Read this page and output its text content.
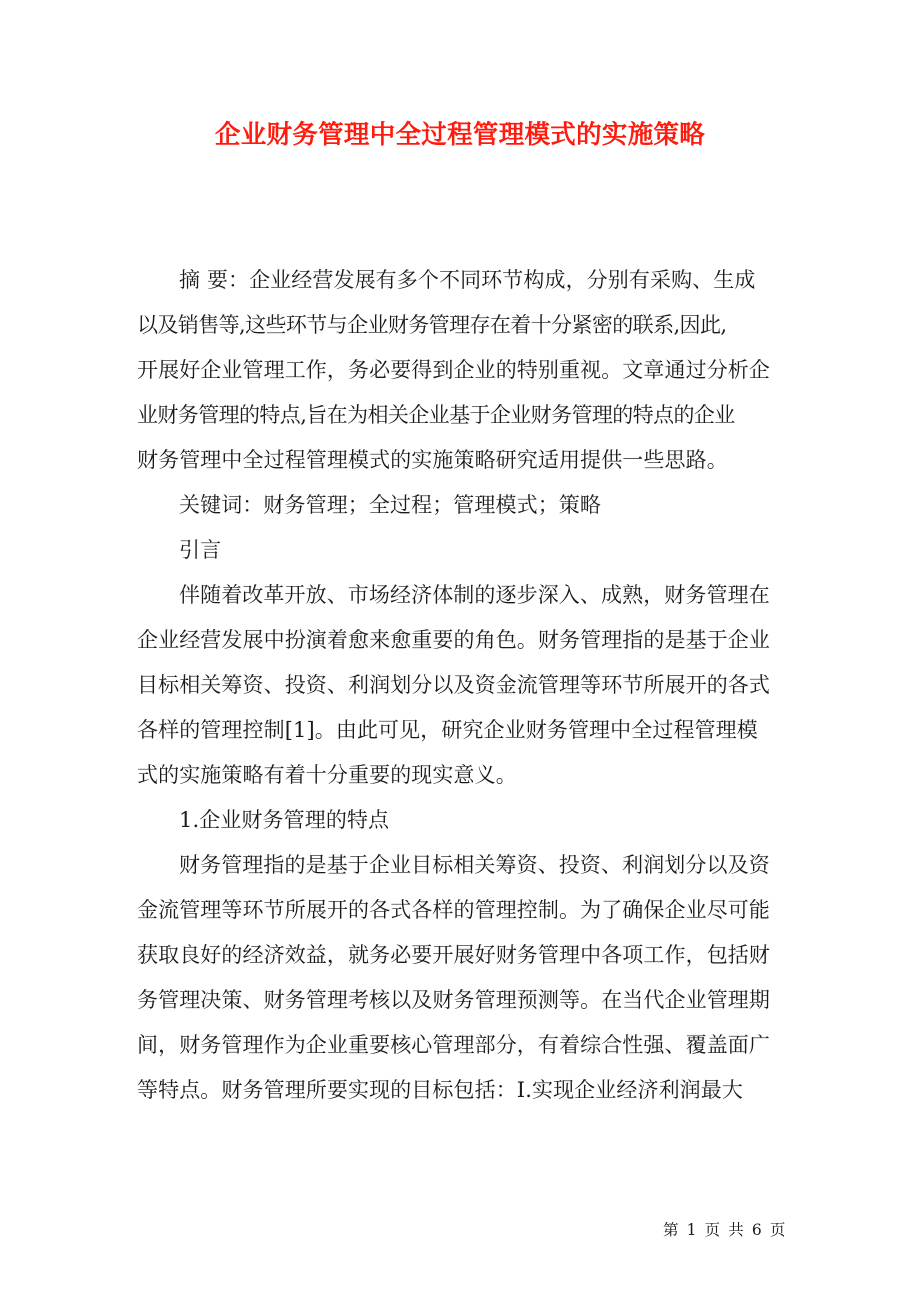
企业财务管理中全过程管理模式的实施策略
摘 要：企业经营发展有多个不同环节构成，分别有采购、生成
以及销售等,这些环节与企业财务管理存在着十分紧密的联系,因此,
开展好企业管理工作，务必要得到企业的特别重视。文章通过分析企
业财务管理的特点,旨在为相关企业基于企业财务管理的特点的企业
财务管理中全过程管理模式的实施策略研究适用提供一些思路。
关键词：财务管理；全过程；管理模式；策略
引言
伴随着改革开放、市场经济体制的逐步深入、成熟，财务管理在
企业经营发展中扮演着愈来愈重要的角色。财务管理指的是基于企业
目标相关筹资、投资、利润划分以及资金流管理等环节所展开的各式
各样的管理控制[1]。由此可见，研究企业财务管理中全过程管理模
式的实施策略有着十分重要的现实意义。
1.企业财务管理的特点
财务管理指的是基于企业目标相关筹资、投资、利润划分以及资
金流管理等环节所展开的各式各样的管理控制。为了确保企业尽可能
获取良好的经济效益，就务必要开展好财务管理中各项工作，包括财
务管理决策、财务管理考核以及财务管理预测等。在当代企业管理期
间，财务管理作为企业重要核心管理部分，有着综合性强、覆盖面广
等特点。财务管理所要实现的目标包括：Ⅰ.实现企业经济利润最大
第 1 页 共 6 页
